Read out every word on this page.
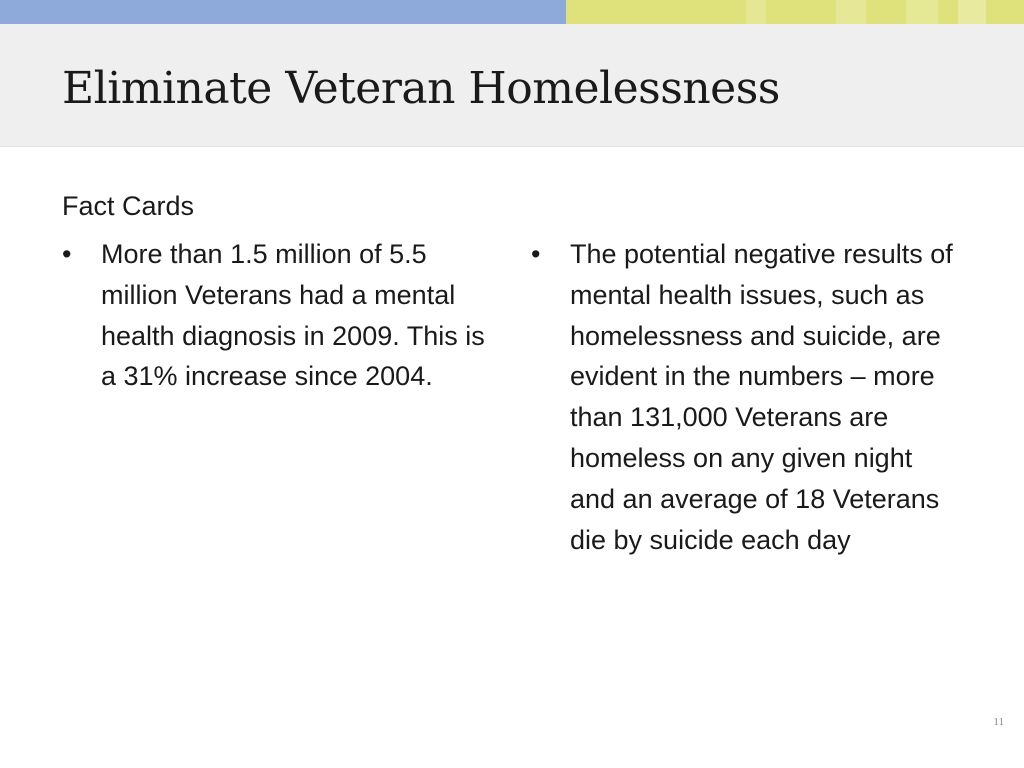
Eliminate Veteran Homelessness
Fact Cards
•	More than 1.5 million of 5.5 million Veterans had a mental health diagnosis in 2009. This is a 31% increase since 2004.
•	The potential negative results of mental health issues, such as homelessness and suicide, are evident in the numbers – more than 131,000 Veterans are homeless on any given night and an average of 18 Veterans die by suicide each day
11
